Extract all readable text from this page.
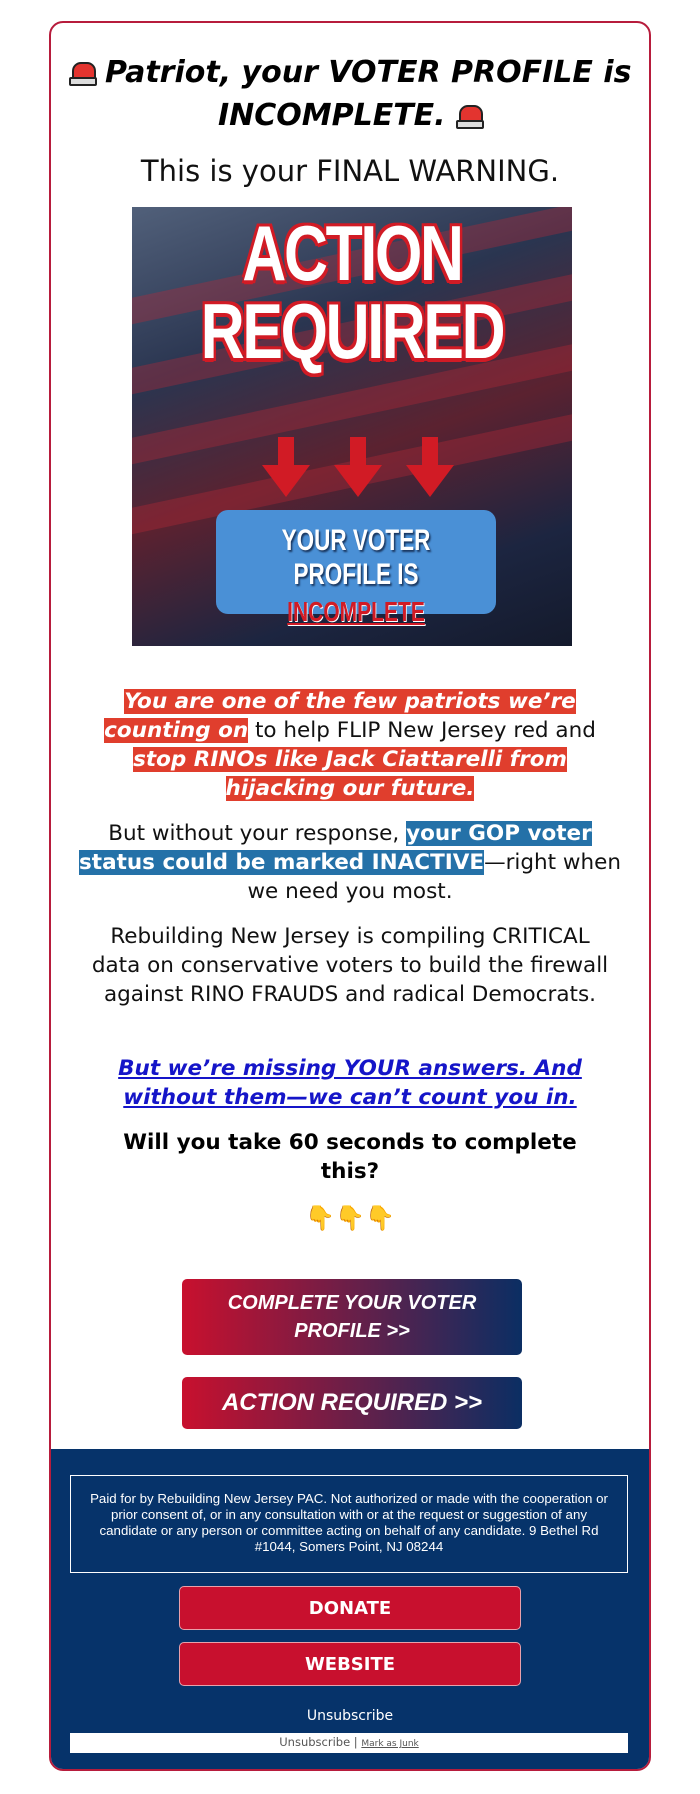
Patriot, your VOTER PROFILE is
INCOMPLETE.
This is your FINAL WARNING.
ACTION
REQUIRED
YOUR VOTER PROFILE IS
INCOMPLETE
You are one of the few patriots we’re counting on to help FLIP New Jersey red and stop RINOs like Jack Ciattarelli from hijacking our future.
But without your response, your GOP voter status could be marked INACTIVE—right when we need you most.
Rebuilding New Jersey is compiling CRITICAL data on conservative voters to build the firewall against RINO FRAUDS and radical Democrats.
But we’re missing YOUR answers. And without them—we can’t count you in.
Will you take 60 seconds to complete this?
👇👇👇
COMPLETE YOUR VOTER PROFILE >>
ACTION REQUIRED >>
Paid for by Rebuilding New Jersey PAC. Not authorized or made with the cooperation or prior consent of, or in any consultation with or at the request or suggestion of any candidate or any person or committee acting on behalf of any candidate. 9 Bethel Rd #1044, Somers Point, NJ 08244
DONATE
WEBSITE
Unsubscribe
Unsubscribe | Mark as Junk
